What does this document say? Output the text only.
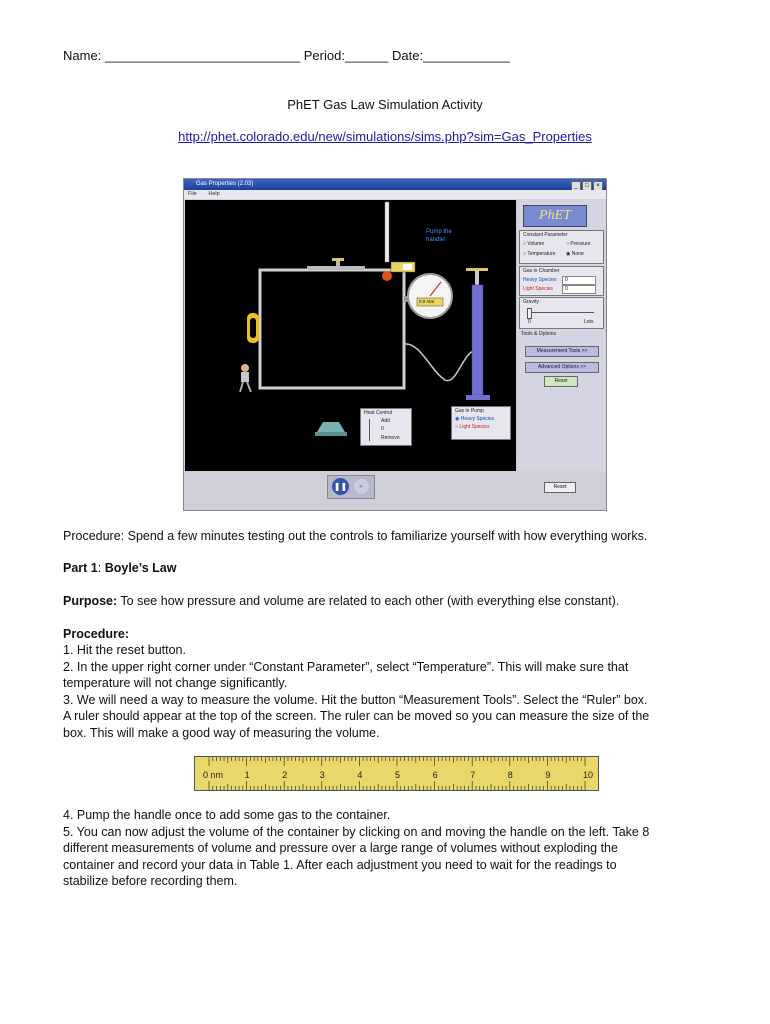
Name: ___________________________ Period:______ Date:____________
PhET Gas Law Simulation Activity
http://phet.colorado.edu/new/simulations/sims.php?sim=Gas_Properties
Gas Properties (2.03)	_ □ ×
File Help
Pump the
handle!
0.0 Atm
Heat Control
Add
0
Remove
Gas in Pump
◉ Heavy Species
○ Light Species
PhET
Constant Parameter
○ Volume	○ Pressure
○ Temperature ◉ None
Gas in Chamber
Heavy Species	0
Light Species	0
Gravity
0	Lots
Tools & Options
Measurement Tools >>
Advanced Options >>
Reset
❚❚	▸	Reset
Procedure: Spend a few minutes testing out the controls to familiarize yourself with how everything works.
Part 1: Boyle’s Law
Purpose: To see how pressure and volume are related to each other (with everything else constant).
Procedure:
1. Hit the reset button.
2. In the upper right corner under “Constant Parameter”, select “Temperature”. This will make sure that
temperature will not change significantly.
3. We will need a way to measure the volume. Hit the button “Measurement Tools”. Select the “Ruler” box.
A ruler should appear at the top of the screen. The ruler can be moved so you can measure the size of the
box. This will make a good way of measuring the volume.
0 nm 1	2	3	4	5	6	7	8	9	10
4. Pump the handle once to add some gas to the container.
5. You can now adjust the volume of the container by clicking on and moving the handle on the left. Take 8
different measurements of volume and pressure over a large range of volumes without exploding the
container and record your data in Table 1. After each adjustment you need to wait for the readings to
stabilize before recording them.
